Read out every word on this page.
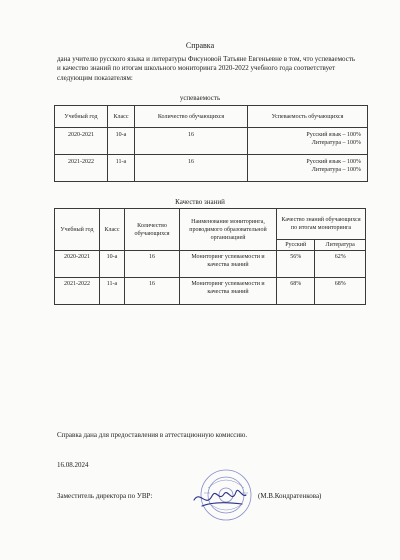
Справка
дана учителю русского языка и литературы Фисуновой Татьяне Евгеньевне в том, что успеваемость и качество знаний по итогам школьного мониторинга 2020-2022 учебного года соответствует следующим показателям:
успеваемость
Учебный год	Класс	Количество обучающихся	Успеваемость обучающихся
2020-2021	10-а	16	Русский язык – 100%
Литература – 100%

2021-2022	11-а	16	Русский язык – 100%
Литература – 100%
Качество знаний
Учебный год	Класс	Количество обучающихся	Наименование мониторинга, проводимого образовательной организацией	Качество знаний обучающихся по итогам мониторинга	
				Русский	Литература
2020-2021	10-а	16	Мониторинг успеваемости и качества знаний	56%	62%
2021-2022	11-а	16	Мониторинг успеваемости и качества знаний	68%	68%
Справка дана для предоставления в аттестационную комиссию.
16.08.2024
Заместитель директора по УВР:	(М.В.Кондратенкова)
